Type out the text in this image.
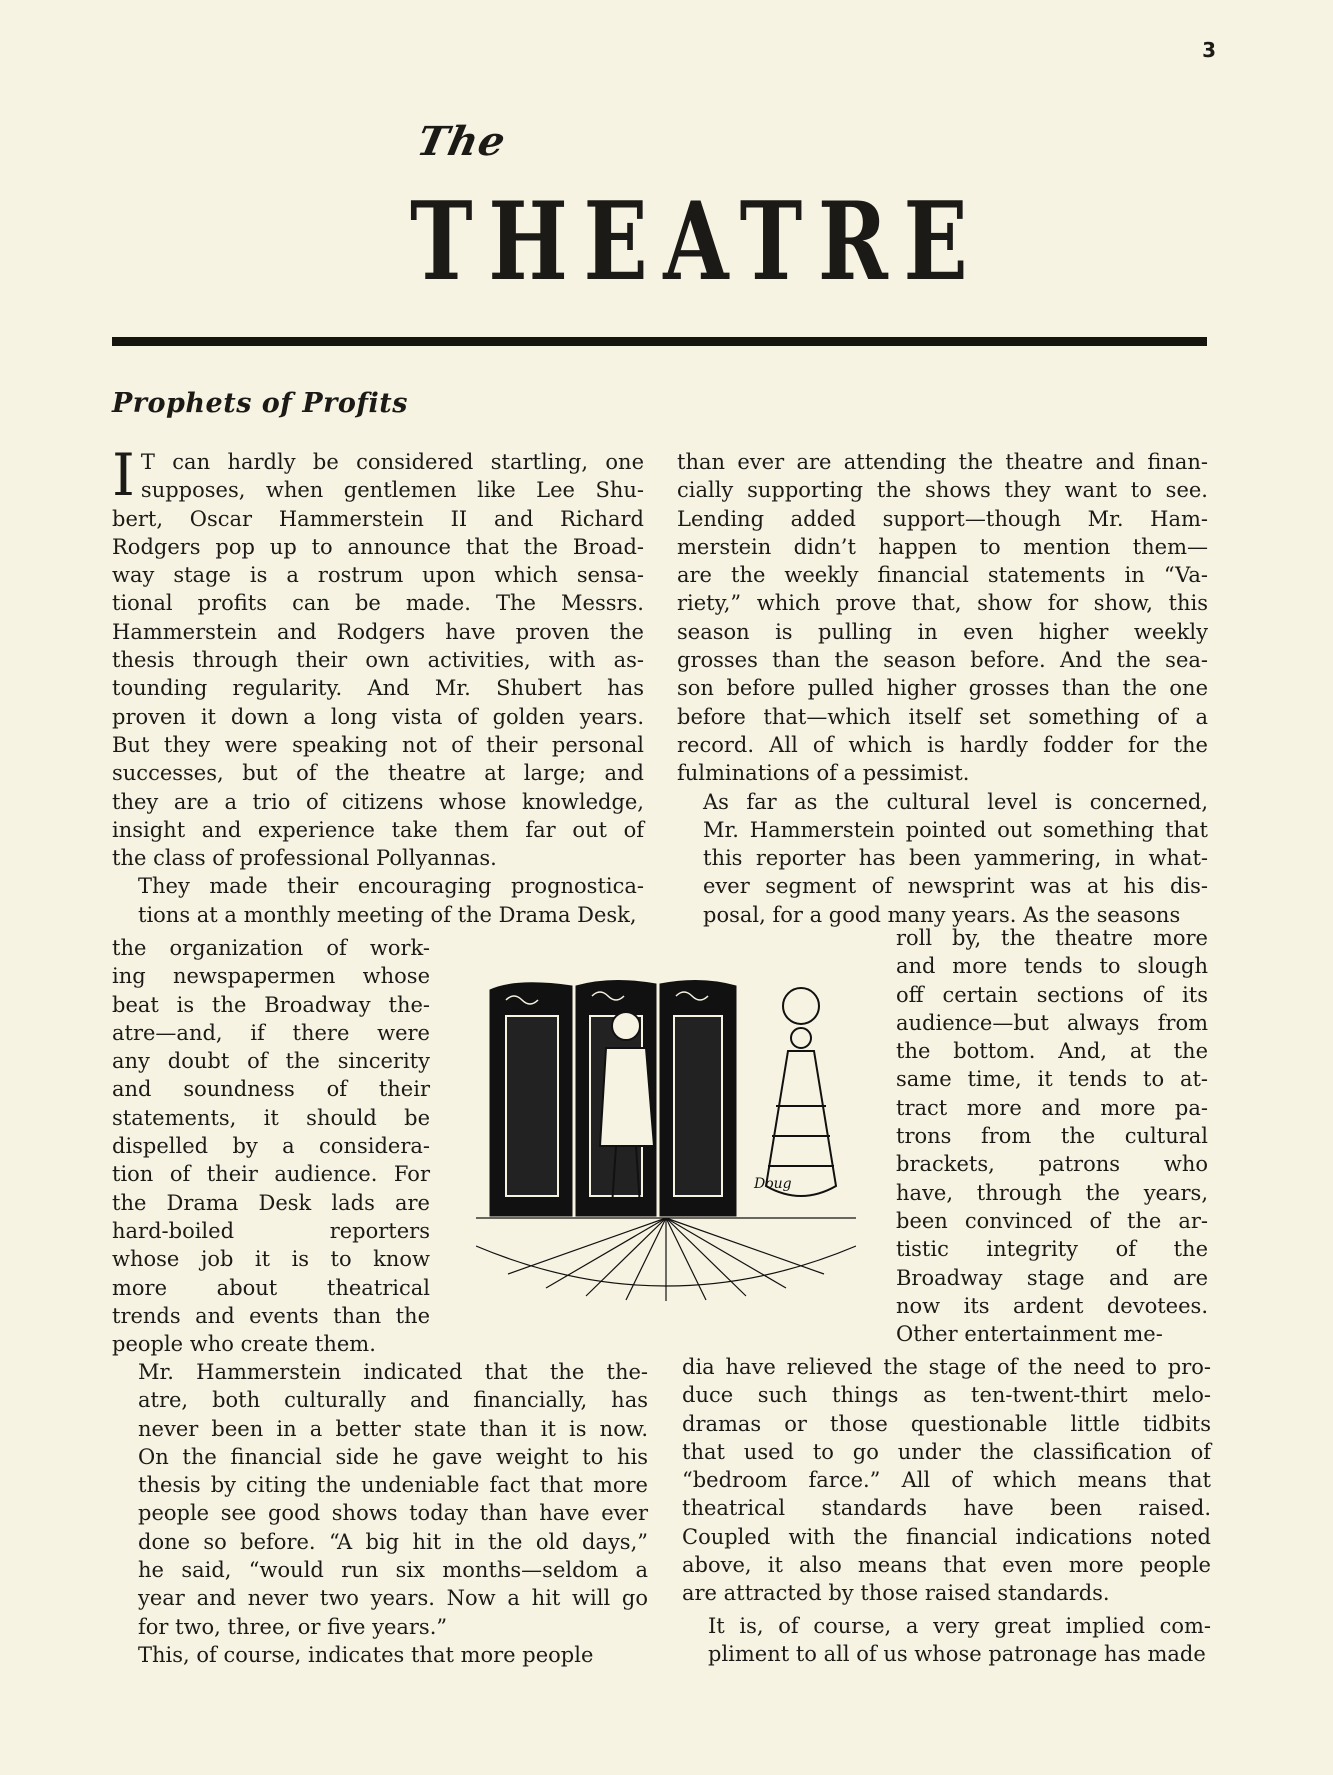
3
The
THEATRE
Prophets of Profits
I T can hardly be considered startling, one
supposes, when gentlemen like Lee Shu-
bert, Oscar Hammerstein II and Richard
Rodgers pop up to announce that the Broad-
way stage is a rostrum upon which sensa-
tional profits can be made. The Messrs.
Hammerstein and Rodgers have proven the
thesis through their own activities, with as-
tounding regularity. And Mr. Shubert has
proven it down a long vista of golden years.
But they were speaking not of their personal
successes, but of the theatre at large; and
they are a trio of citizens whose knowledge,
insight and experience take them far out of
the class of professional Pollyannas.
They made their encouraging prognostica-
tions at a monthly meeting of the Drama Desk,
the organization of work-
ing newspapermen whose
beat is the Broadway the-
atre—and, if there were
any doubt of the sincerity
and soundness of their
statements, it should be
dispelled by a considera-
tion of their audience. For
the Drama Desk lads are
hard-boiled reporters
whose job it is to know
more about theatrical
trends and events than the
people who create them.
Mr. Hammerstein indicated that the the-
atre, both culturally and financially, has
never been in a better state than it is now.
On the financial side he gave weight to his
thesis by citing the undeniable fact that more
people see good shows today than have ever
done so before. “A big hit in the old days,”
he said, “would run six months—seldom a
year and never two years. Now a hit will go
for two, three, or five years.”
This, of course, indicates that more people
than ever are attending the theatre and finan-
cially supporting the shows they want to see.
Lending added support—though Mr. Ham-
merstein didn’t happen to mention them—
are the weekly financial statements in “Va-
riety,” which prove that, show for show, this
season is pulling in even higher weekly
grosses than the season before. And the sea-
son before pulled higher grosses than the one
before that—which itself set something of a
record. All of which is hardly fodder for the
fulminations of a pessimist.
As far as the cultural level is concerned,
Mr. Hammerstein pointed out something that
this reporter has been yammering, in what-
ever segment of newsprint was at his dis-
posal, for a good many years. As the seasons
roll by, the theatre more
and more tends to slough
off certain sections of its
audience—but always from
the bottom. And, at the
same time, it tends to at-
tract more and more pa-
trons from the cultural
brackets, patrons who
have, through the years,
been convinced of the ar-
tistic integrity of the
Broadway stage and are
now its ardent devotees.
Other entertainment me-
dia have relieved the stage of the need to pro-
duce such things as ten-twent-thirt melo-
dramas or those questionable little tidbits
that used to go under the classification of
“bedroom farce.” All of which means that
theatrical standards have been raised.
Coupled with the financial indications noted
above, it also means that even more people
are attracted by those raised standards.
It is, of course, a very great implied com-
pliment to all of us whose patronage has made
Doug
